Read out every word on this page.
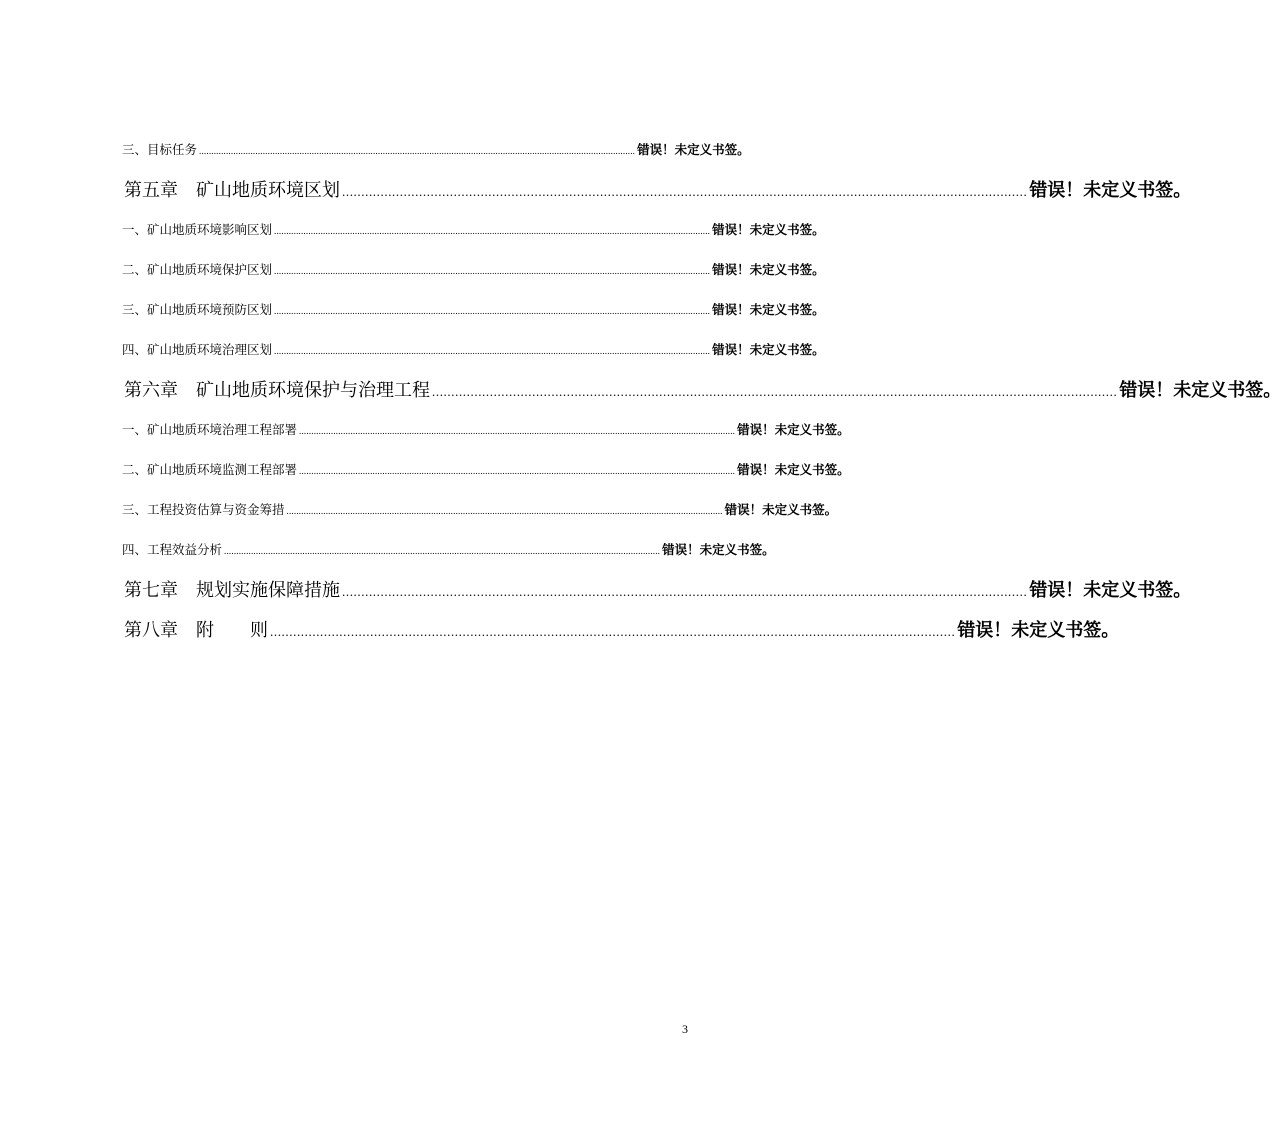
三、目标任务 .................................................................................................................................................................................. 错误！未定义书签。
第五章　矿山地质环境区划 .................................................................................................................................................................................. 错误！未定义书签。
一、矿山地质环境影响区划 .................................................................................................................................................................................. 错误！未定义书签。
二、矿山地质环境保护区划 .................................................................................................................................................................................. 错误！未定义书签。
三、矿山地质环境预防区划 .................................................................................................................................................................................. 错误！未定义书签。
四、矿山地质环境治理区划 .................................................................................................................................................................................. 错误！未定义书签。
第六章　矿山地质环境保护与治理工程 .................................................................................................................................................................................. 错误！未定义书签。
一、矿山地质环境治理工程部署 .................................................................................................................................................................................. 错误！未定义书签。
二、矿山地质环境监测工程部署 .................................................................................................................................................................................. 错误！未定义书签。
三、工程投资估算与资金筹措 .................................................................................................................................................................................. 错误！未定义书签。
四、工程效益分析 .................................................................................................................................................................................. 错误！未定义书签。
第七章　规划实施保障措施 .................................................................................................................................................................................. 错误！未定义书签。
第八章　附　　则 .................................................................................................................................................................................. 错误！未定义书签。
3
